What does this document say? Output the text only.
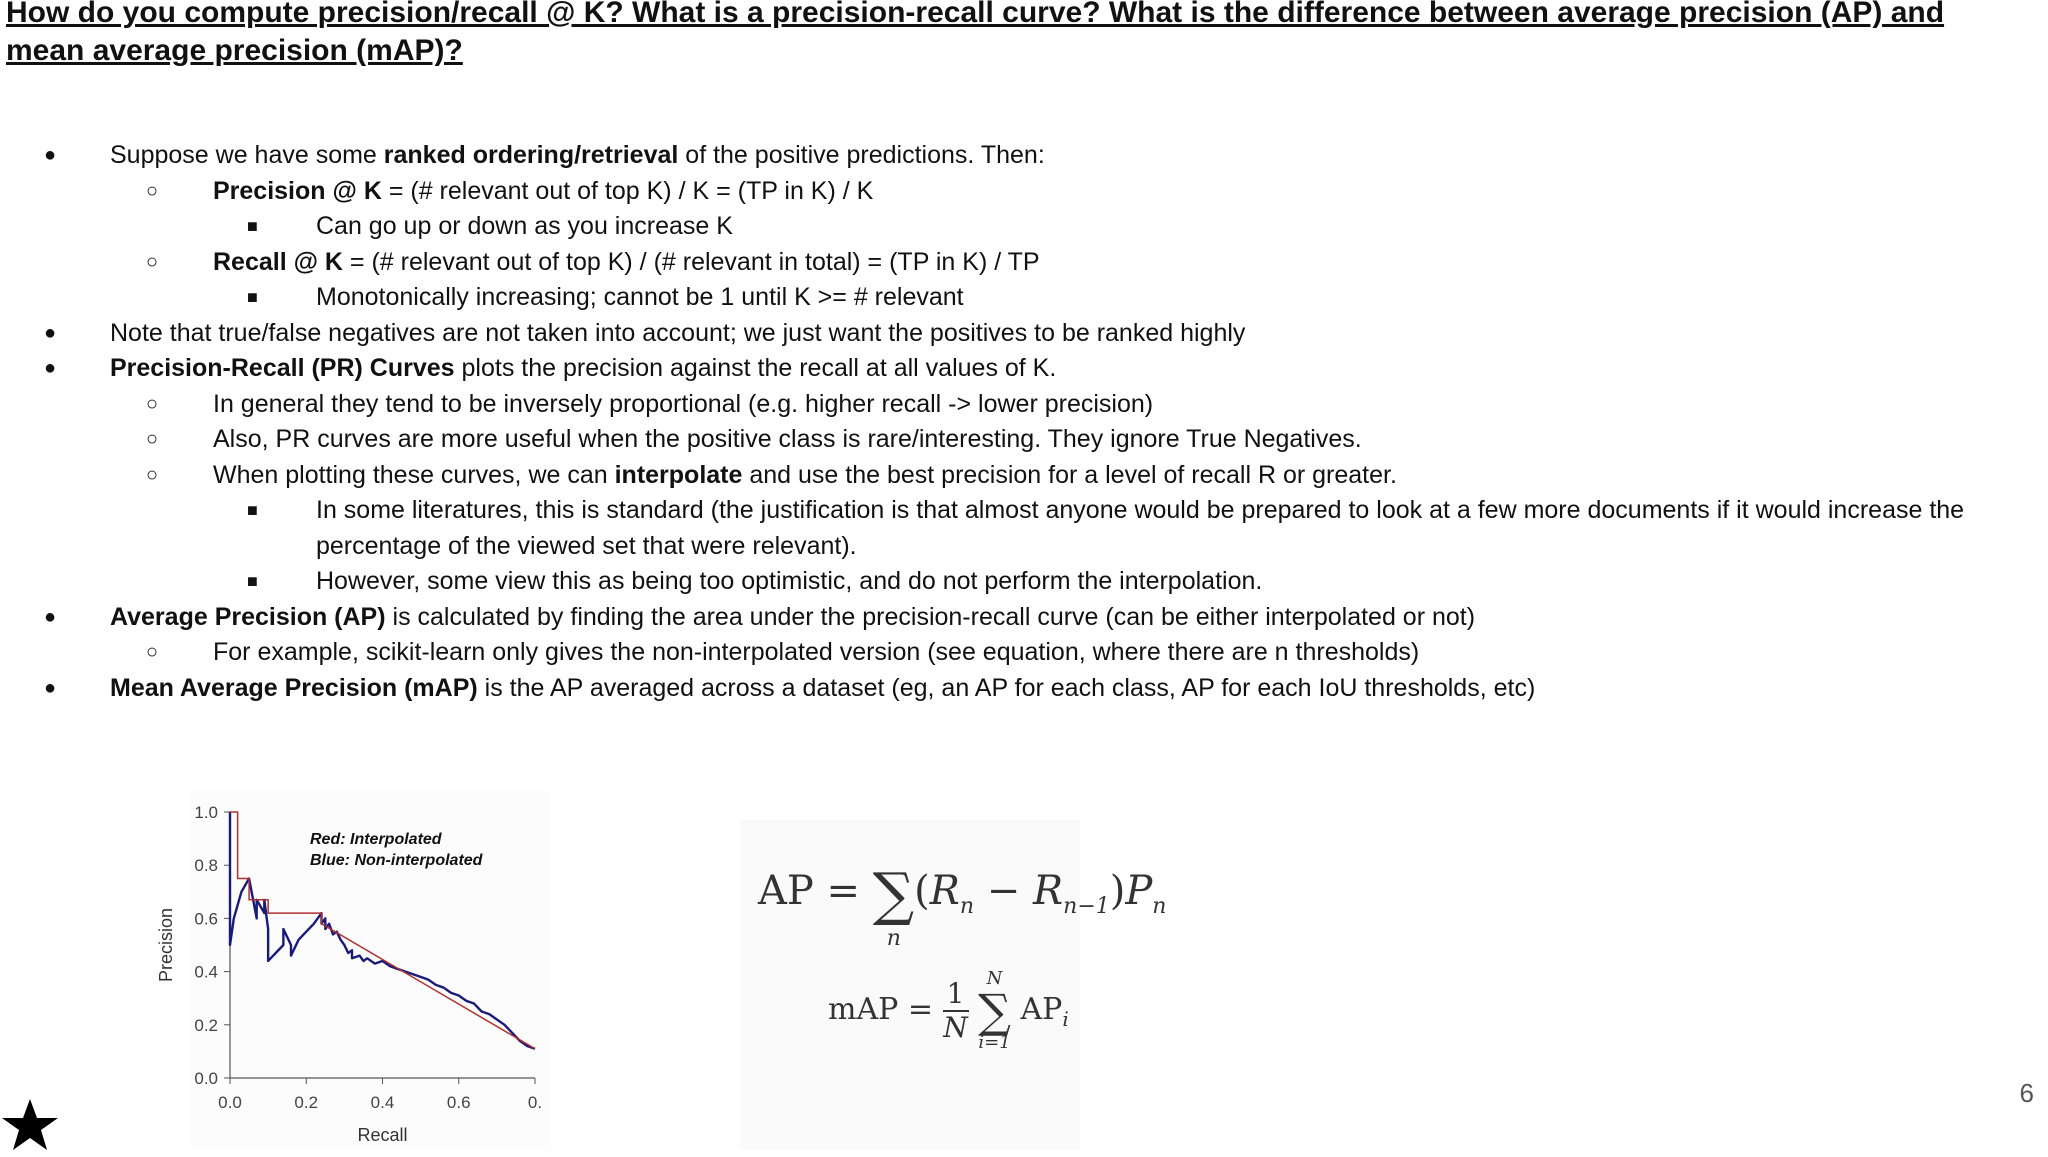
How do you compute precision/recall @ K? What is a precision-recall curve? What is the difference between average precision (AP) and mean average precision (mAP)?
● Suppose we have some ranked ordering/retrieval of the positive predictions. Then:
○ Precision @ K = (# relevant out of top K) / K = (TP in K) / K
■ Can go up or down as you increase K
○ Recall @ K = (# relevant out of top K) / (# relevant in total) = (TP in K) / TP
■ Monotonically increasing; cannot be 1 until K >= # relevant
● Note that true/false negatives are not taken into account; we just want the positives to be ranked highly
● Precision-Recall (PR) Curves plots the precision against the recall at all values of K.
○ In general they tend to be inversely proportional (e.g. higher recall -> lower precision)
○ Also, PR curves are more useful when the positive class is rare/interesting. They ignore True Negatives.
○ When plotting these curves, we can interpolate and use the best precision for a level of recall R or greater.
■ In some literatures, this is standard (the justification is that almost anyone would be prepared to look at a few more documents if it would increase the
percentage of the viewed set that were relevant).
■ However, some view this as being too optimistic, and do not perform the interpolation.
● Average Precision (AP) is calculated by finding the area under the precision-recall curve (can be either interpolated or not)
○ For example, scikit-learn only gives the non-interpolated version (see equation, where there are n thresholds)
● Mean Average Precision (mAP) is the AP averaged across a dataset (eg, an AP for each class, AP for each IoU thresholds, etc)
0.0
0.2
0.4
0.6
0.8
1.0
0.0	0.2	0.4	0.6	0.
Recall
Precision
Red: Interpolated
Blue: Non-interpolated
AP = ∑
n
$(R_n - R_{n-1})P_n$
mAP = $\frac{1}{N}$
N
∑
i=1
$AP_i$
6
